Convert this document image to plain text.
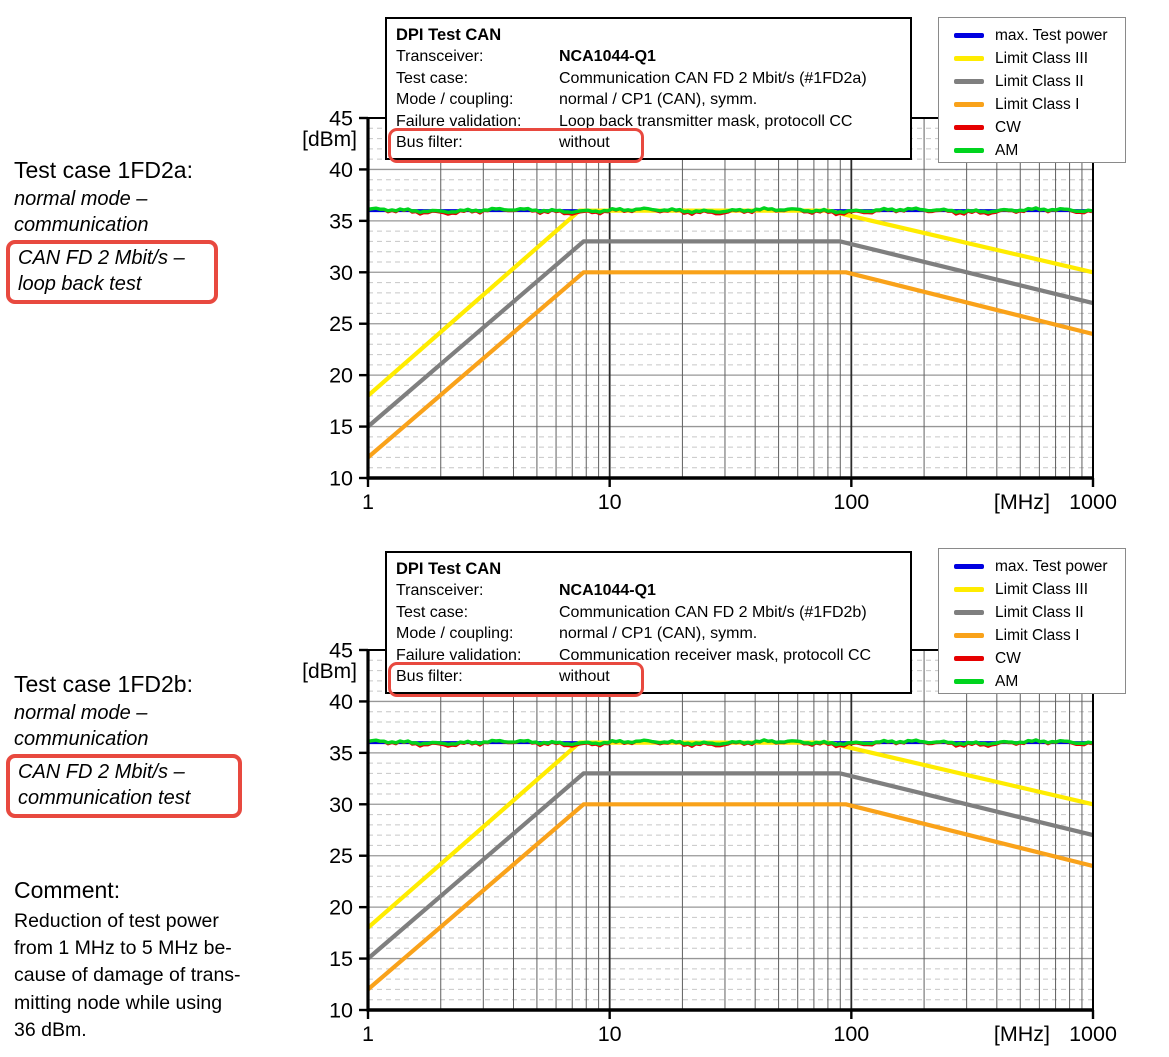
45
40
35
30
25
20
15
10
[dBm]
1	10	100	1000
[MHz]
45
40
35
30
25
20
15
10
[dBm]
1	10	100	1000
[MHz]
DPI Test CAN
Transceiver:	NCA1044-Q1
Test case:	Communication CAN FD 2 Mbit/s (#1FD2a)
Mode / coupling:	normal / CP1 (CAN), symm.
Failure validation:	Loop back transmitter mask, protocoll CC
Bus filter:	without
DPI Test CAN
Transceiver:	NCA1044-Q1
Test case:	Communication CAN FD 2 Mbit/s (#1FD2b)
Mode / coupling:	normal / CP1 (CAN), symm.
Failure validation:	Communication receiver mask, protocoll CC
Bus filter:	without
max. Test power
Limit Class III
Limit Class II
Limit Class I
CW
AM
max. Test power
Limit Class III
Limit Class II
Limit Class I
CW
AM
Test case 1FD2a:
normal mode –
communication
CAN FD 2 Mbit/s –
loop back test
Test case 1FD2b:
normal mode –
communication
CAN FD 2 Mbit/s –
communication test
Comment:
Reduction of test power
from 1 MHz to 5 MHz be-
cause of damage of trans-
mitting node while using
36 dBm.
